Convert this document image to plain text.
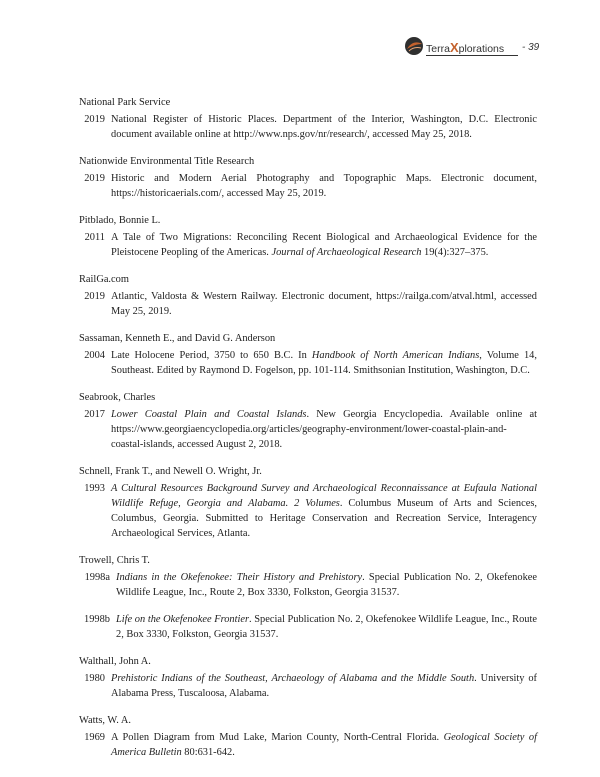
TerraXplorations - 39
National Park Service
2019 National Register of Historic Places. Department of the Interior, Washington, D.C. Electronic document available online at http://www.nps.gov/nr/research/, accessed May 25, 2018.
Nationwide Environmental Title Research
2019 Historic and Modern Aerial Photography and Topographic Maps. Electronic document, https://historicaerials.com/, accessed May 25, 2019.
Pitblado, Bonnie L.
2011 A Tale of Two Migrations: Reconciling Recent Biological and Archaeological Evidence for the Pleistocene Peopling of the Americas. Journal of Archaeological Research 19(4):327–375.
RailGa.com
2019 Atlantic, Valdosta & Western Railway. Electronic document, https://railga.com/atval.html, accessed May 25, 2019.
Sassaman, Kenneth E., and David G. Anderson
2004 Late Holocene Period, 3750 to 650 B.C. In Handbook of North American Indians, Volume 14, Southeast. Edited by Raymond D. Fogelson, pp. 101-114. Smithsonian Institution, Washington, D.C.
Seabrook, Charles
2017 Lower Coastal Plain and Coastal Islands. New Georgia Encyclopedia. Available online at https://www.georgiaencyclopedia.org/articles/geography-environment/lower-coastal-plain-and-coastal-islands, accessed August 2, 2018.
Schnell, Frank T., and Newell O. Wright, Jr.
1993 A Cultural Resources Background Survey and Archaeological Reconnaissance at Eufaula National Wildlife Refuge, Georgia and Alabama. 2 Volumes. Columbus Museum of Arts and Sciences, Columbus, Georgia. Submitted to Heritage Conservation and Recreation Service, Interagency Archaeological Services, Atlanta.
Trowell, Chris T.
1998a Indians in the Okefenokee: Their History and Prehistory. Special Publication No. 2, Okefenokee Wildlife League, Inc., Route 2, Box 3330, Folkston, Georgia 31537.
1998b Life on the Okefenokee Frontier. Special Publication No. 2, Okefenokee Wildlife League, Inc., Route 2, Box 3330, Folkston, Georgia 31537.
Walthall, John A.
1980 Prehistoric Indians of the Southeast, Archaeology of Alabama and the Middle South. University of Alabama Press, Tuscaloosa, Alabama.
Watts, W. A.
1969 A Pollen Diagram from Mud Lake, Marion County, North-Central Florida. Geological Society of America Bulletin 80:631-642.
